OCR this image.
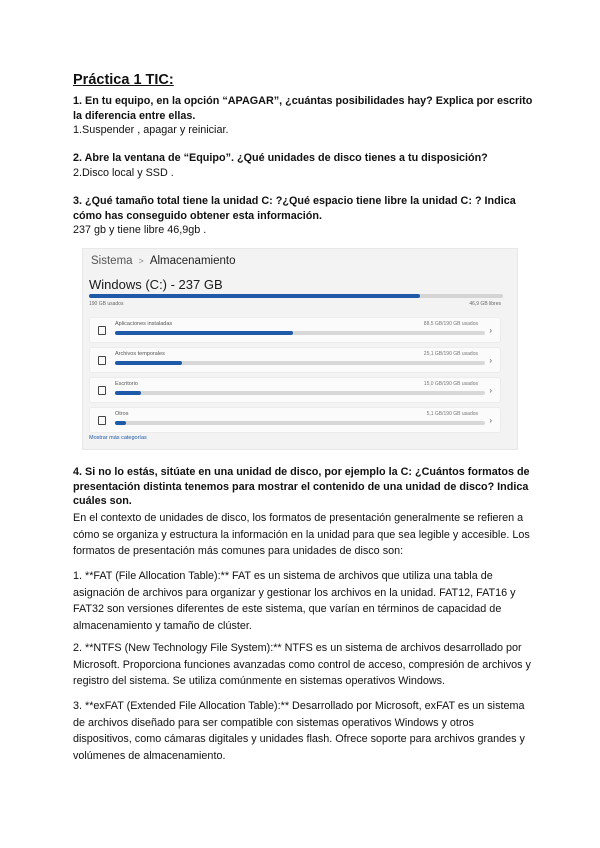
Práctica 1 TIC:

1. En tu equipo, en la opción “APAGAR”, ¿cuántas posibilidades hay? Explica por escrito la diferencia entre ellas.

1.Suspender , apagar y reiniciar.

2. Abre la ventana de “Equipo”. ¿Qué unidades de disco tienes a tu disposición?

2.Disco local y SSD .

3. ¿Qué tamaño total tiene la unidad C: ?¿Qué espacio tiene libre la unidad C: ? Indica cómo has conseguido obtener esta información.

237 gb y tiene libre 46,9gb .

Sistema > Almacenamiento
Windows (C:) - 237 GB
190 GB usados	46,9 GB libres
Aplicaciones instaladas	88,5 GB/190 GB usados
›
Archivos temporales	25,1 GB/190 GB usados
›
Escritorio	15,0 GB/190 GB usados
›
Otros	5,1 GB/190 GB usados
›
Mostrar más categorías

4. Si no lo estás, sitúate en una unidad de disco, por ejemplo la C: ¿Cuántos formatos de presentación distinta tenemos para mostrar el contenido de una unidad de disco? Indica cuáles son.

En el contexto de unidades de disco, los formatos de presentación generalmente se refieren a cómo se organiza y estructura la información en la unidad para que sea legible y accesible. Los formatos de presentación más comunes para unidades de disco son:

1. **FAT (File Allocation Table):** FAT es un sistema de archivos que utiliza una tabla de asignación de archivos para organizar y gestionar los archivos en la unidad. FAT12, FAT16 y FAT32 son versiones diferentes de este sistema, que varían en términos de capacidad de almacenamiento y tamaño de clúster.

2. **NTFS (New Technology File System):** NTFS es un sistema de archivos desarrollado por Microsoft. Proporciona funciones avanzadas como control de acceso, compresión de archivos y registro del sistema. Se utiliza comúnmente en sistemas operativos Windows.

3. **exFAT (Extended File Allocation Table):** Desarrollado por Microsoft, exFAT es un sistema de archivos diseñado para ser compatible con sistemas operativos Windows y otros dispositivos, como cámaras digitales y unidades flash. Ofrece soporte para archivos grandes y volúmenes de almacenamiento.
